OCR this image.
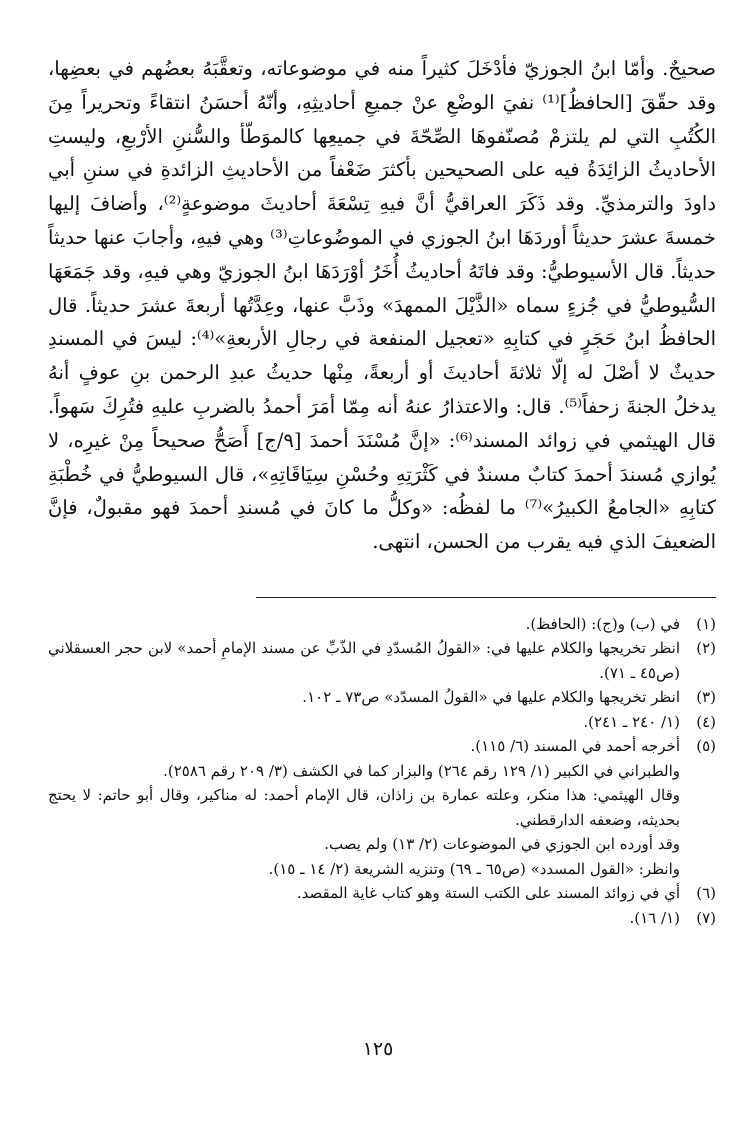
صحيحٌ. وأمّا ابنُ الجوزيّ فأدْخَلَ كثيراً منه في موضوعاته، وتعقَّبَهُ بعضُهم في بعضِها، وقد حقّقَ [الحافظُ]⁽¹⁾ نفيَ الوضْعِ عنْ جميعِ أحاديثِهِ، وأنّهُ أحسَنُ انتقاءً وتحريراً مِنَ الكُتُبِ التي لم يلتزمْ مُصنّفوهَا الصِّحّةَ في جميعِها كالموَطّأ والسُّننِ الأرْبعِ، وليستِ الأحاديثُ الزائِدَةُ فيه على الصحيحين بأكثرَ ضَعْفاً من الأحاديثِ الزائدةِ في سننِ أبي داودَ والترمذيِّ. وقد ذَكَرَ العراقيُّ أنَّ فيهِ تِسْعَةَ أحاديثَ موضوعةٍ⁽²⁾، وأضافَ إليها خمسةَ عشرَ حديثاً أوردَهَا ابنُ الجوزي في الموضُوعاتِ⁽³⁾ وهي فيهِ، وأجابَ عنها حديثاً حديثاً. قال الأسيوطيُّ: وقد فاتَهُ أحاديثُ أُخَرُ أوْرَدَهَا ابنُ الجوزيّ وهي فيهِ، وقد جَمَعَهَا السُّيوطيُّ في جُزءٍ سماه «الذَّيْلَ الممهدَ» وذَبَّ عنها، وعِدَّتُها أربعةَ عشرَ حديثاً. قال الحافظُ ابنُ حَجَرٍ في كتابِهِ «تعجيل المنفعة في رجالِ الأربعةِ»⁽⁴⁾: ليسَ في المسندِ حديثٌ لا أصْلَ له إلّا ثلاثةَ أحاديثَ أو أربعةً، مِنْها حديثُ عبدِ الرحمن بنِ عوفٍ أنهُ يدخلُ الجنةَ زحفاً⁽⁵⁾. قال: والاعتذارُ عنهُ أنه مِمّا أمَرَ أحمدُ بالضربِ عليهِ فتُرِكَ سَهواً. قال الهيثمي في زوائد المسند⁽⁶⁾: «إنَّ مُسْنَدَ أحمدَ [٩/ج] أَصَحُّ صحيحاً مِنْ غيرِه، لا يُوازي مُسندَ أحمدَ كتابٌ مسندٌ في كَثْرَتِهِ وحُسْنِ سِيَاقَاتِهِ»، قال السيوطيُّ في خُطْبَةِ كتابِهِ «الجامعُ الكبيرُ»⁽⁷⁾ ما لفظُه: «وكلُّ ما كانَ في مُسندِ أحمدَ فهو مقبولٌ، فإنَّ الضعيفَ الذي فيه يقرب من الحسن، انتهى.

(١)
في (ب) و(ج): (الحافظ).
(٢)
انظر تخريجها والكلام عليها في: «القولُ المُسدّدِ في الذّبِّ عن مسند الإمامِ أحمد» لابن حجر العسقلاني (ص٤٥ ـ ٧١).
(٣)
انظر تخريجها والكلام عليها في «القولُ المسدّد» ص٧٣ ـ ١٠٢.
(٤)
(١/ ٢٤٠ ـ ٢٤١).
(٥)
أخرجه أحمد في المسند (٦/ ١١٥).
والطبراني في الكبير (١/ ١٢٩ رقم ٢٦٤) والبزار كما في الكشف (٣/ ٢٠٩ رقم ٢٥٨٦).
وقال الهيثمي: هذا منكر، وعلته عمارة بن زاذان، قال الإمام أحمد: له مناكير، وقال أبو حاتم: لا يحتج بحديثه، وضعفه الدارقطني.
وقد أورده ابن الجوزي في الموضوعات (٢/ ١٣) ولم يصب.
وانظر: «القول المسدد» (ص٦٥ ـ ٦٩) وتنزيه الشريعة (٢/ ١٤ ـ ١٥).
(٦)
أي في زوائد المسند على الكتب الستة وهو كتاب غاية المقصد.
(٧)
(١/ ١٦).
١٢٥
